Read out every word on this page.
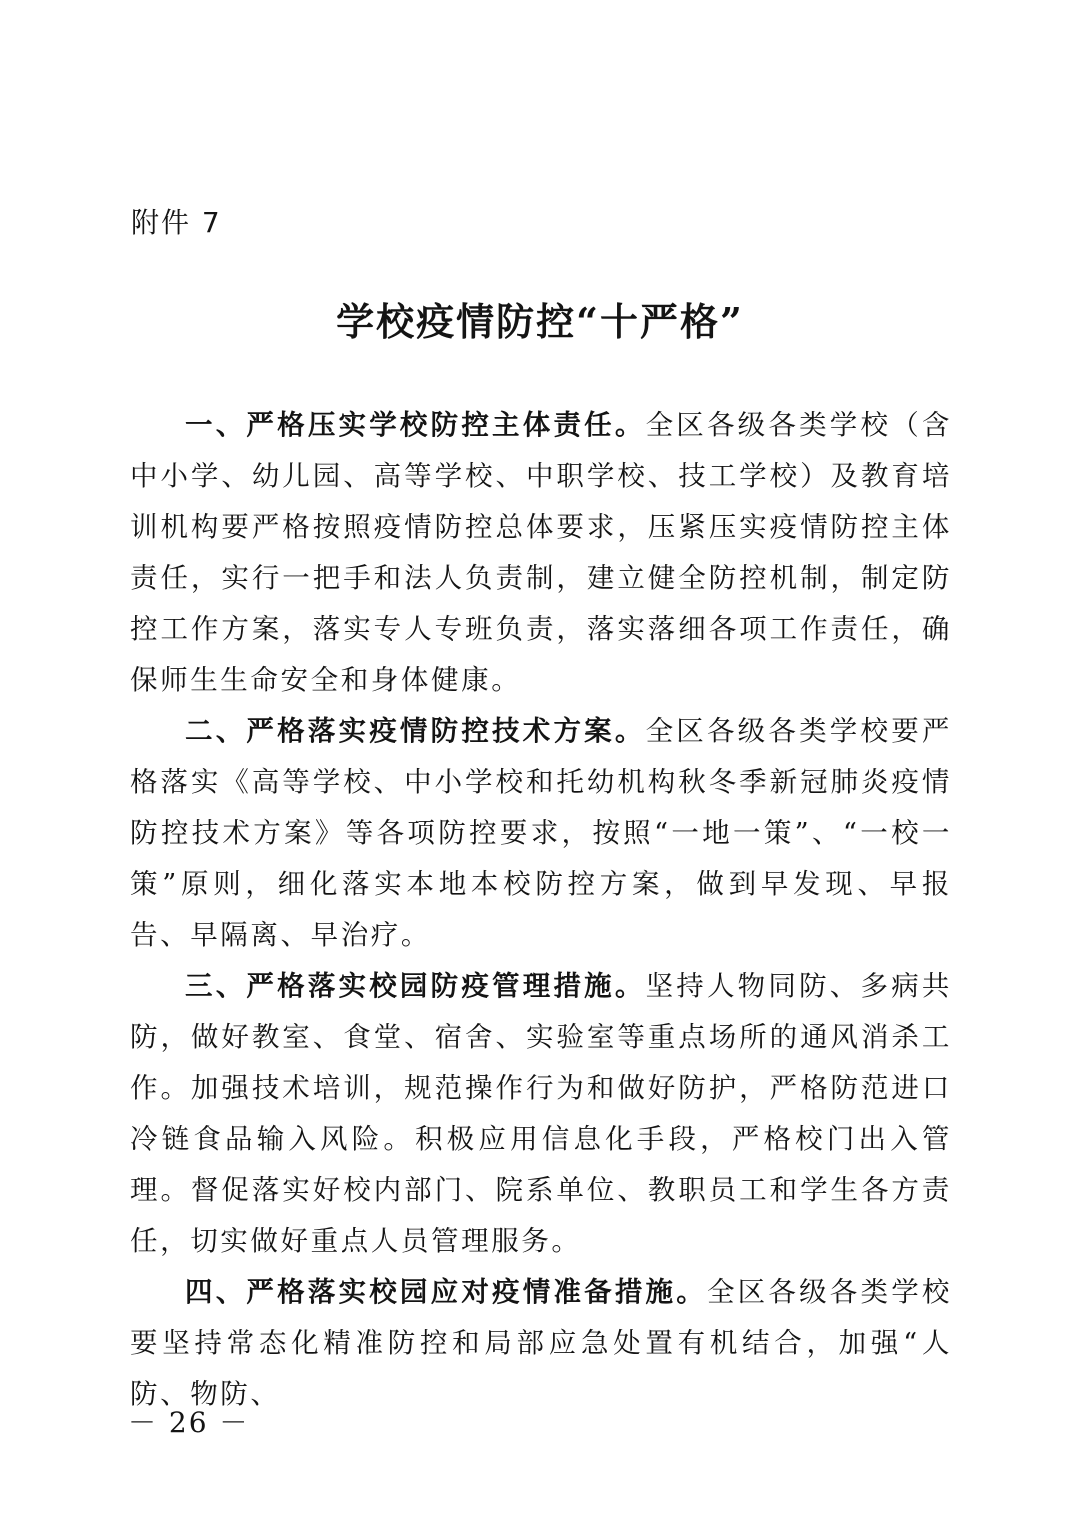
附件 7
学校疫情防控“十严格”

一、严格压实学校防控主体责任。全区各级各类学校（含中小学、幼儿园、高等学校、中职学校、技工学校）及教育培训机构要严格按照疫情防控总体要求，压紧压实疫情防控主体责任，实行一把手和法人负责制，建立健全防控机制，制定防控工作方案，落实专人专班负责，落实落细各项工作责任，确保师生生命安全和身体健康。

二、严格落实疫情防控技术方案。全区各级各类学校要严格落实《高等学校、中小学校和托幼机构秋冬季新冠肺炎疫情防控技术方案》等各项防控要求，按照“一地一策”、“一校一策”原则，细化落实本地本校防控方案，做到早发现、早报告、早隔离、早治疗。

三、严格落实校园防疫管理措施。坚持人物同防、多病共防，做好教室、食堂、宿舍、实验室等重点场所的通风消杀工作。加强技术培训，规范操作行为和做好防护，严格防范进口冷链食品输入风险。积极应用信息化手段，严格校门出入管理。督促落实好校内部门、院系单位、教职员工和学生各方责任，切实做好重点人员管理服务。

四、严格落实校园应对疫情准备措施。全区各级各类学校要坚持常态化精准防控和局部应急处置有机结合，加强“人防、物防、

－ 26 －
